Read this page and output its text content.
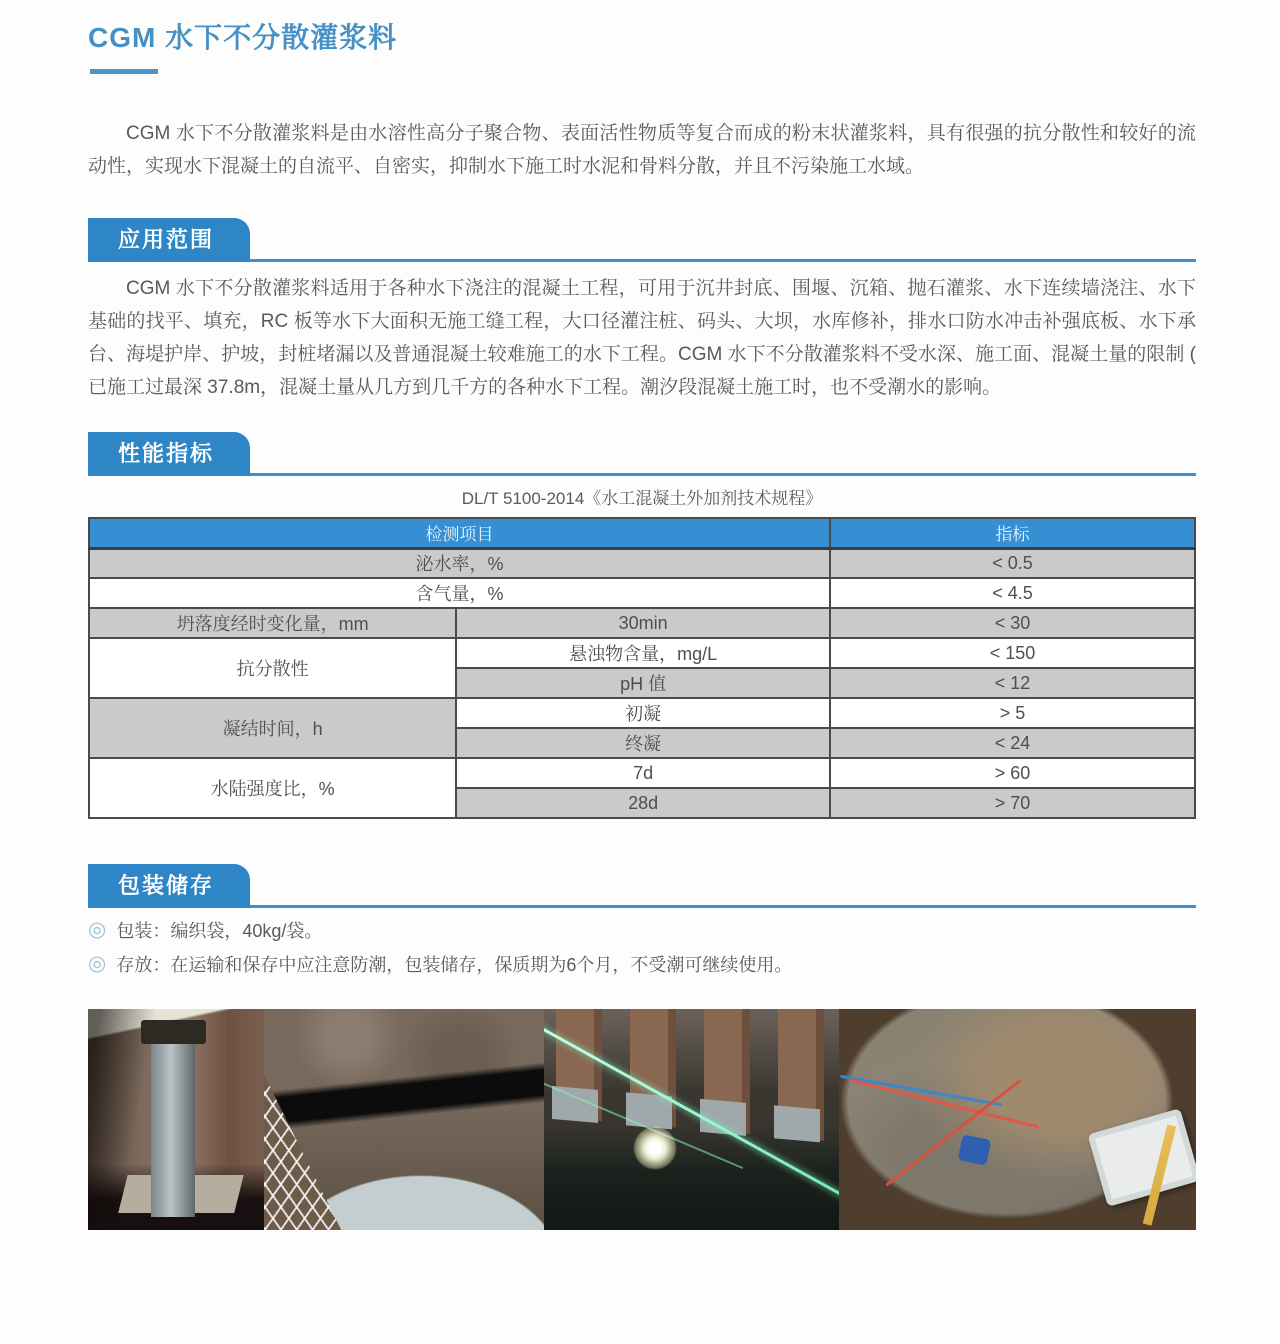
CGM 水下不分散灌浆料

CGM 水下不分散灌浆料是由水溶性高分子聚合物、表面活性物质等复合而成的粉末状灌浆料，具有很强的抗分散性和较好的流动性，实现水下混凝土的自流平、自密实，抑制水下施工时水泥和骨料分散，并且不污染施工水域。

应用范围

CGM 水下不分散灌浆料适用于各种水下浇注的混凝土工程，可用于沉井封底、围堰、沉箱、抛石灌浆、水下连续墙浇注、水下基础的找平、填充，RC 板等水下大面积无施工缝工程，大口径灌注桩、码头、大坝，水库修补，排水口防水冲击补强底板、水下承台、海堤护岸、护坡，封桩堵漏以及普通混凝土较难施工的水下工程。CGM 水下不分散灌浆料不受水深、施工面、混凝土量的限制 ( 已施工过最深 37.8m，混凝土量从几方到几千方的各种水下工程。潮汐段混凝土施工时，也不受潮水的影响。

性能指标
DL/T 5100-2014《水工混凝土外加剂技术规程》
检测项目		指标
泌水率，%		< 0.5
含气量，%		< 4.5
坍落度经时变化量，mm	30min	< 30
抗分散性	悬浊物含量，mg/L	< 150
	pH 值	< 12
凝结时间，h	初凝	> 5
	终凝	< 24
水陆强度比，%	7d	> 60
	28d	> 70
包装储存
◎ 包装：编织袋，40kg/袋。
◎ 存放：在运输和保存中应注意防潮，包装储存，保质期为6个月，不受潮可继续使用。
